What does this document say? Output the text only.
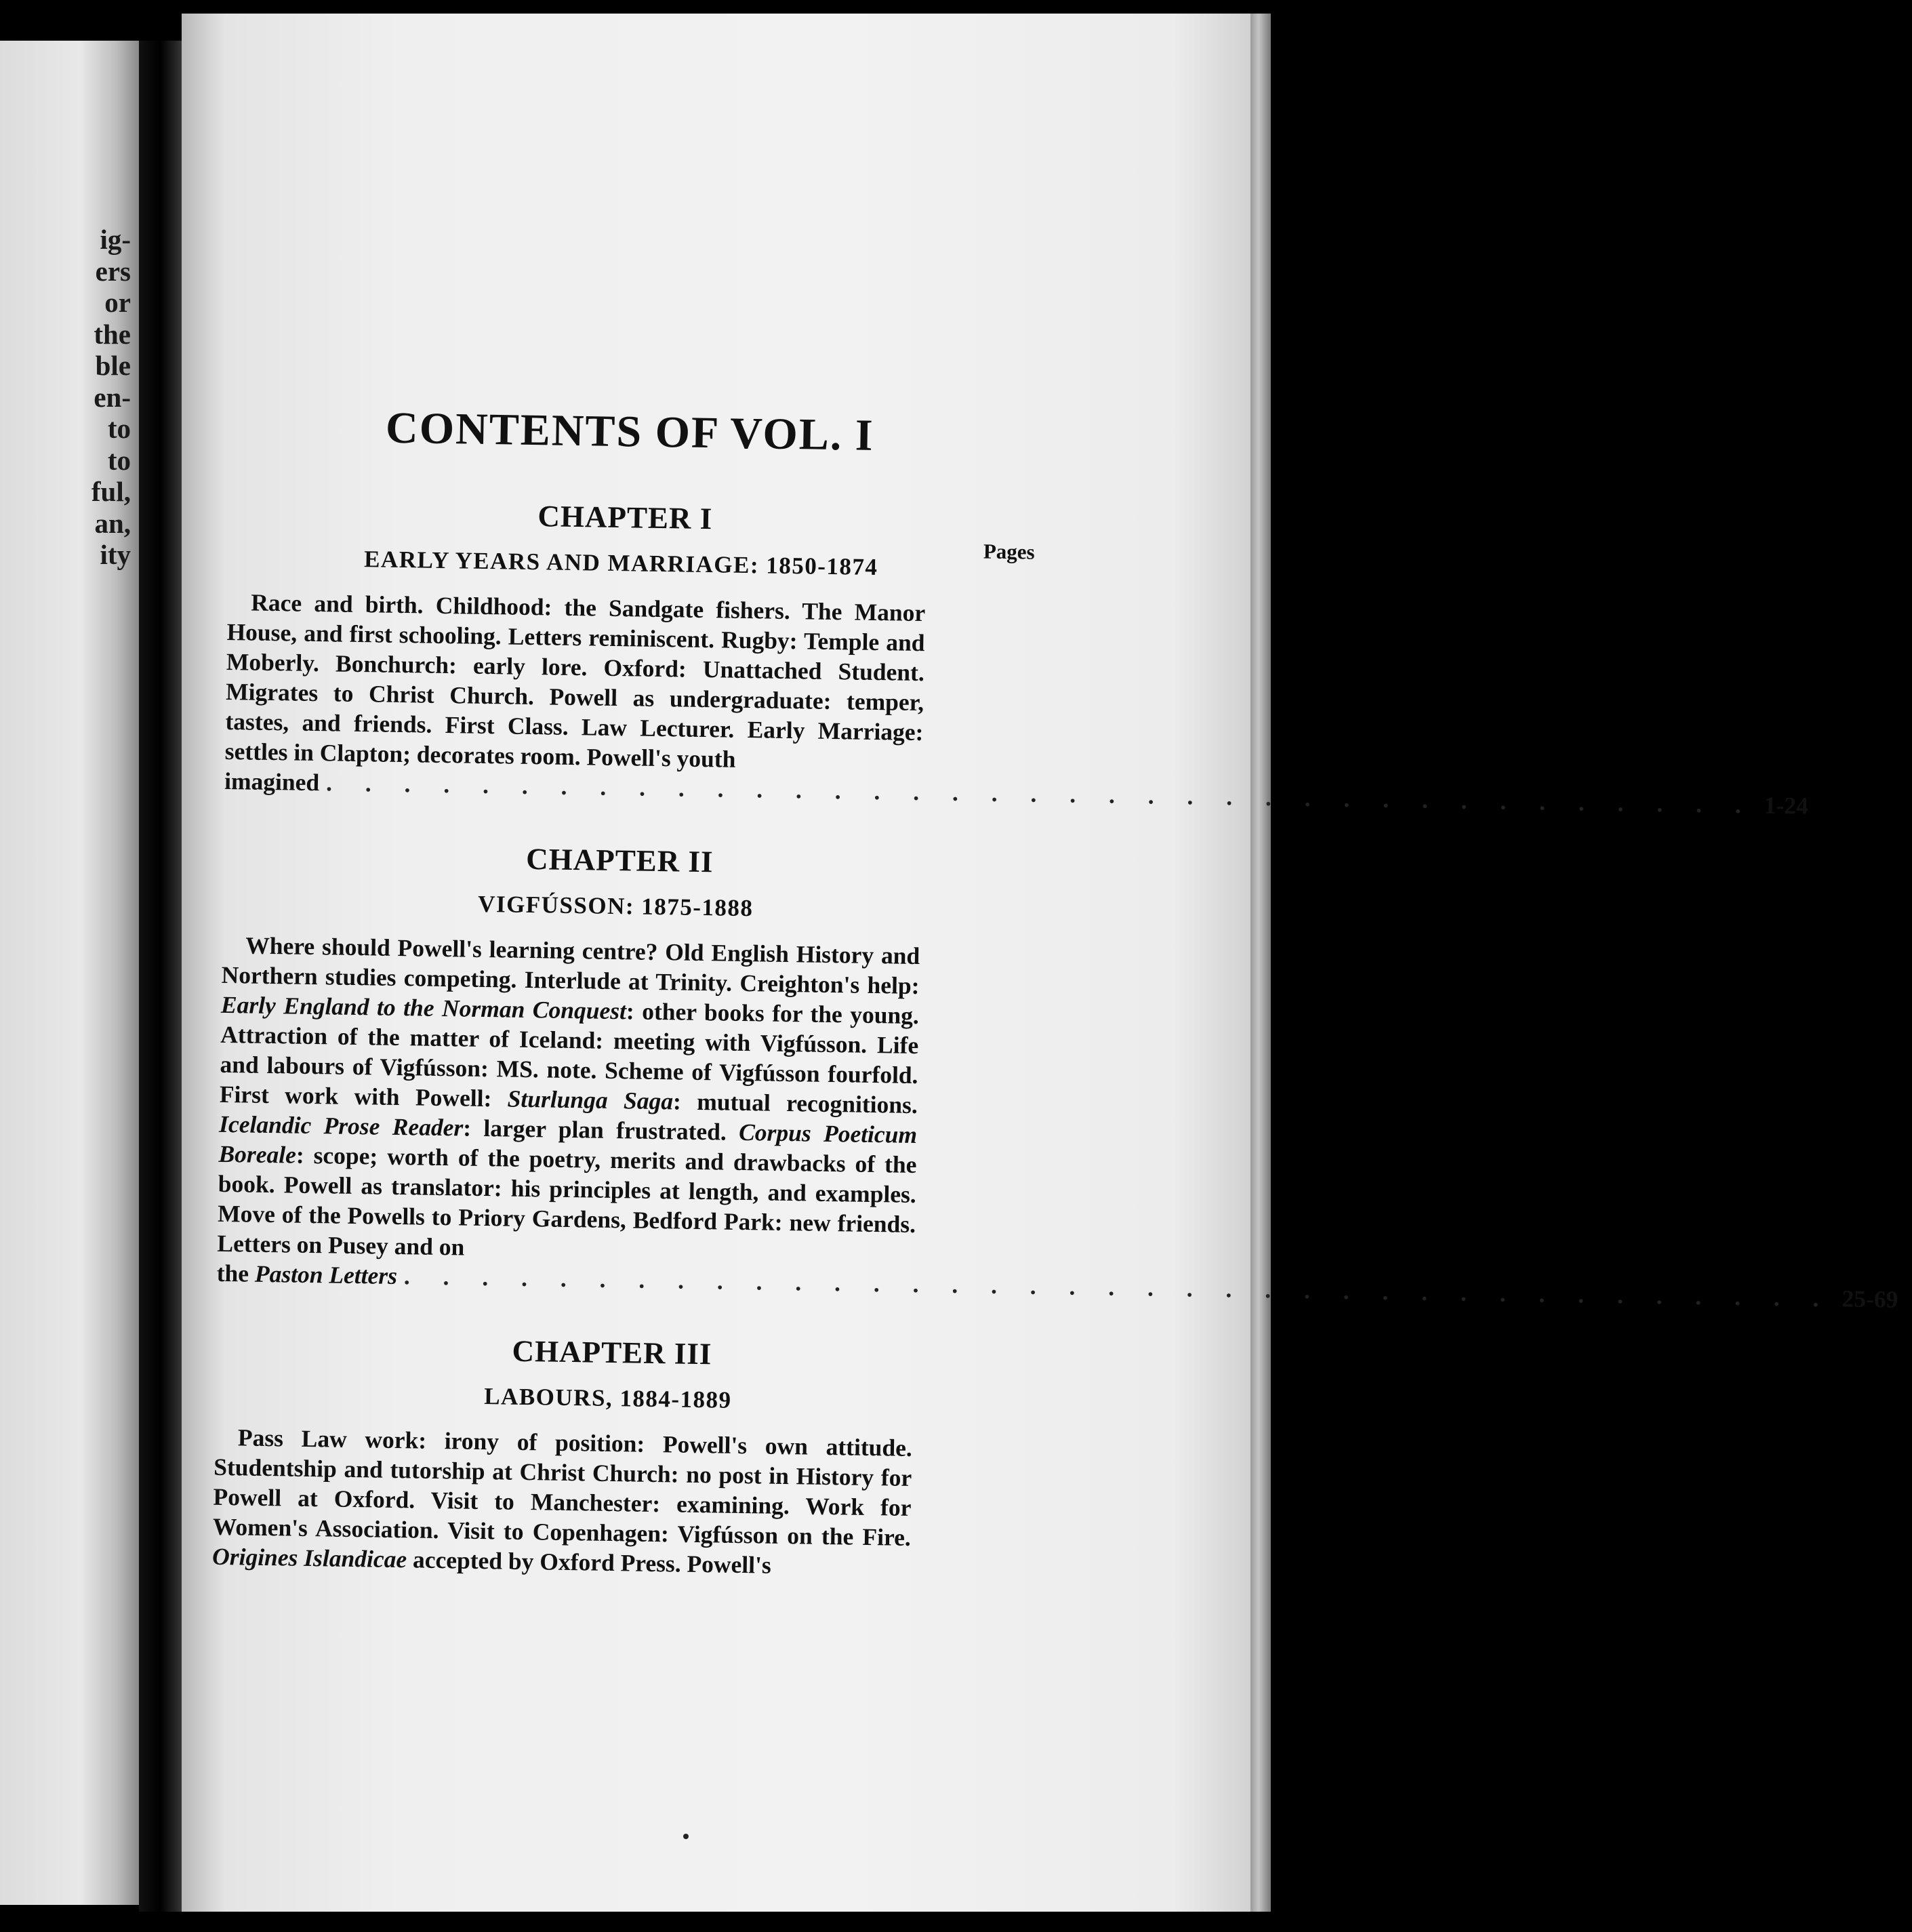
ig-
ers
or
the
ble
en-
to
to
ful,
an,
ity
CONTENTS OF VOL. I
CHAPTER I
EARLY YEARS AND MARRIAGE: 1850-1874	Pages

Race and birth. Childhood: the Sandgate fishers. The Manor House, and first schooling. Letters reminiscent. Rugby: Temple and Moberly. Bonchurch: early lore. Oxford: Unattached Student. Migrates to Christ Church. Powell as undergraduate: temper, tastes, and friends. First Class. Law Lecturer. Early Marriage: settles in Clapton; decorates room. Powell's youth

imagined . . . . . . . . . . . . . . . . . . . . . . . . . . . . . . . . . . . . . 1-24
CHAPTER II
VIGFÚSSON: 1875-1888

Where should Powell's learning centre? Old English History and Northern studies competing. Interlude at Trinity. Creighton's help: Early England to the Norman Conquest: other books for the young. Attraction of the matter of Iceland: meeting with Vigfússon. Life and labours of Vigfússon: MS. note. Scheme of Vigfússon fourfold. First work with Powell: Sturlunga Saga: mutual recognitions. Icelandic Prose Reader: larger plan frustrated. Corpus Poeticum Boreale: scope; worth of the poetry, merits and drawbacks of the book. Powell as translator: his principles at length, and examples. Move of the Powells to Priory Gardens, Bedford Park: new friends. Letters on Pusey and on

the Paston Letters . . . . . . . . . . . . . . . . . . . . . . . . . . . . . . . . . . . . . 25-69
CHAPTER III
LABOURS, 1884-1889

Pass Law work: irony of position: Powell's own attitude. Studentship and tutorship at Christ Church: no post in History for Powell at Oxford. Visit to Manchester: examining. Work for Women's Association. Visit to Copenhagen: Vigfússon on the Fire. Origines Islandicae accepted by Oxford Press. Powell's
